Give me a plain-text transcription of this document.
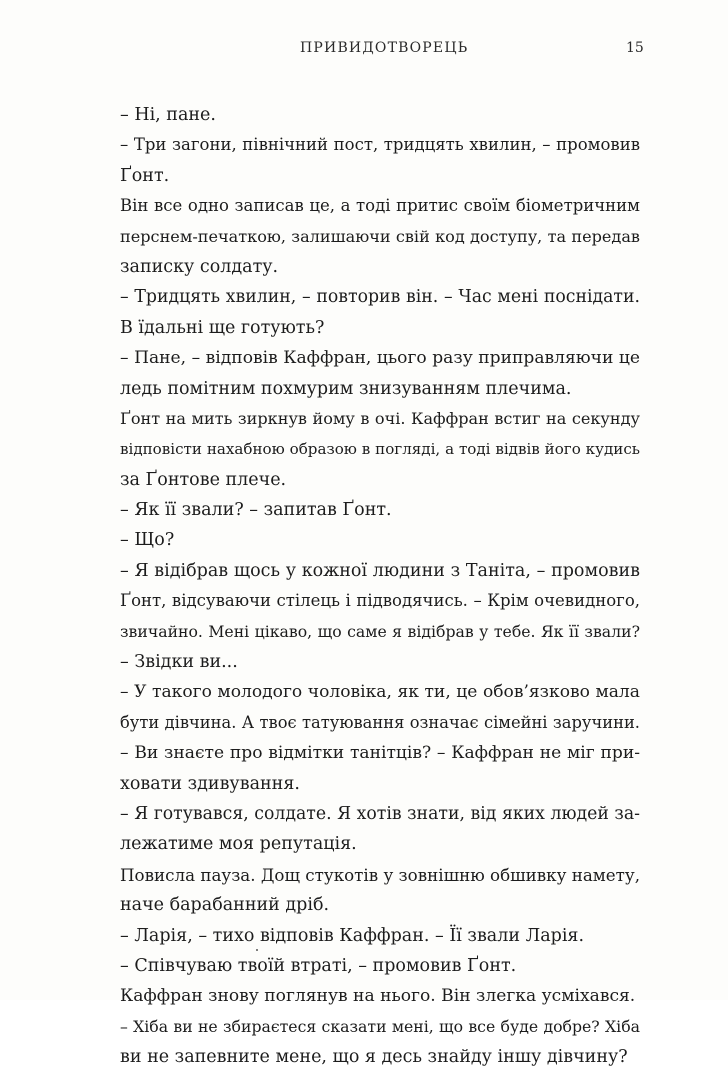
ПРИВИДОТВОРЕЦЬ	15
– Ні, пане.
– Три загони, північний пост, тридцять хвилин, – промовив
Ґонт.
Він все одно записав це, а тоді притис своїм біометричним
перснем-печаткою, залишаючи свій код доступу, та передав
записку солдату.
– Тридцять хвилин, – повторив він. – Час мені поснідати.
В їдальні ще готують?
– Пане, – відповів Каффран, цього разу приправляючи це
ледь помітним похмурим знизуванням плечима.
Ґонт на мить зиркнув йому в очі. Каффран встиг на секунду
відповісти нахабною образою в погляді, а тоді відвів його кудись
за Ґонтове плече.
– Як її звали? – запитав Ґонт.
– Що?
– Я відібрав щось у кожної людини з Таніта, – промовив
Ґонт, відсуваючи стілець і підводячись. – Крім очевидного,
звичайно. Мені цікаво, що саме я відібрав у тебе. Як її звали?
– Звідки ви...
– У такого молодого чоловіка, як ти, це обов’язково мала
бути дівчина. А твоє татуювання означає сімейні заручини.
– Ви знаєте про відмітки танітців? – Каффран не міг при-
ховати здивування.
– Я готувався, солдате. Я хотів знати, від яких людей за-
лежатиме моя репутація.
Повисла пауза. Дощ стукотів у зовнішню обшивку намету,
наче барабанний дріб.
– Ларія, – тихо відповів Каффран. – Її звали Ларія.
– Співчуваю твоїй втраті, – промовив Ґонт.
Каффран знову поглянув на нього. Він злегка усміхався.
– Хіба ви не збираєтеся сказати мені, що все буде добре? Хіба
ви не запевните мене, що я десь знайду іншу дівчину?
